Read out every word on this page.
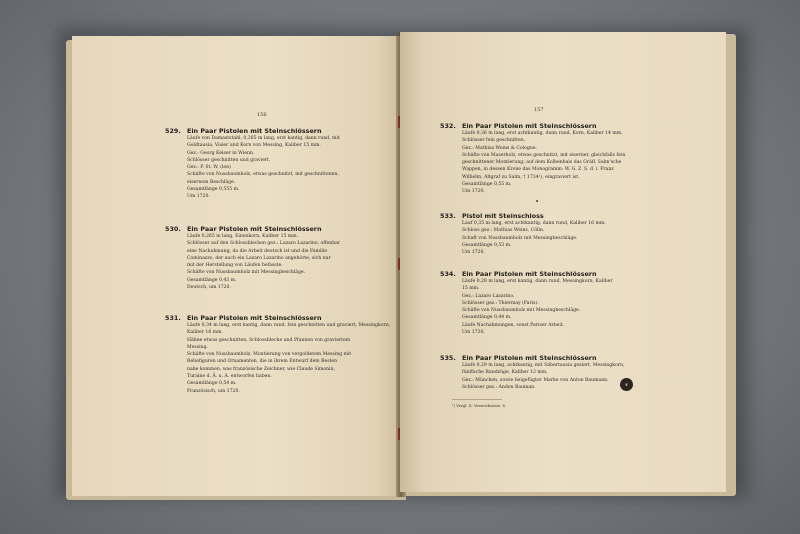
156
529. Ein Paar Pistolen mit Steinschlössern
Läufe von Damaststahl, 0,365 m lang, erst kantig, dann rund, mit
Goldtausia, Visier und Korn von Messing, Kaliber 15 mm.
Gez.: Georg Keiser in Wienn.
Schlösser geschnitten und graviert.
Gez.: P. St. W. (len)
Schäfte von Nussbaumholz, etwas geschnitzt, mit geschnittenen,
eisernem Beschläge.
Gesamtlänge 0,555 m.
Um 1720.
530. Ein Paar Pistolen mit Steinschlössern
Läufe 0,265 m lang, Einenkorn, Kaliber 15 mm.
Schlösser auf den Schlossblechen gez.: Lazaro Lazarino, offenbar
eine Nachahmung, da die Arbeit deutsch ist und die Familie
Cominazzo, der auch ein Lazaro Lazarino angehörte, sich nur
mit der Herstellung von Läufen befasste.
Schäfte von Nussbaumholz mit Messingbeschläge.
Gesamtlänge 0,43 m.
Deutsch, um 1720.
531. Ein Paar Pistolen mit Steinschlössern
Läufe 0,34 m lang, erst kantig, dann rund, fein geschnitten und graviert, Messingkorn,
Kaliber 16 mm.
Hähne etwas geschnitten, Schlossbleche und Pfannen von graviertem
Messing.
Schäfte von Nussbaumholz, Montierung von vergoldetem Messing mit
Reliefiguren und Ornamenten, die in ihrem Entwurf dem Besten
nahe kommen, was französische Zeichner, wie Claude Simonin,
Turaine d. Ä. u. A. entworfen haben.
Gesamtlänge 0,54 m.
Französisch, um 1720.
157
532. Ein Paar Pistolen mit Steinschlössern
Läufe 0,36 m lang, erst achtkantig, dann rund, Korn, Kaliber 14 mm.
Schlösser fein geschnitten.
Gez.: Mathias Weins & Cologne.
Schäfte von Maserholz, etwas geschnitzt, mit eiserner, gleichfalls fein
geschnittener Montierung; auf dem Kolbenhals das Gräfl. Salm'sche
Wappen, in dessen Krone das Monogramm: W. G. Z. S. d. i. Franz
Wilhelm, Altgraf zu Salm, † 1734¹), eingraviert ist.
Gesamtlänge 0,55 m.
Um 1720.
533. Pistol mit Steinschloss
Lauf 0,35 m lang, erst achtkantig, dann rund, Kaliber 16 mm.
Schloss gez.: Mathias Weins, Cölln.
Schaft von Nussbaumholz mit Messingbeschläge.
Gesamtlänge 0,53 m.
Um 1720.
534. Ein Paar Pistolen mit Steinschlössern
Läufe 0,28 m lang, erst kantig, dann rund, Messingkorn, Kaliber
15 mm.
Gez.: Lazaro Lazarino.
Schlösser gez.: Thiermay (Paris).
Schäfte von Nussbaumholz mit Messingbeschläge.
Gesamtlänge 0,44 m.
Läufe Nachahmungen, sonst Pariser Arbeit.
Um 1730.
535. Ein Paar Pistolen mit Steinschlössern
Läufe 0,29 m lang, achtkantig, mit Silbertausia geziert, Messingkorn,
fünffache Rundzüge, Kaliber 12 mm.
Gez.: München, sowie beigefügter Marke von Anton Baumann.
Schlösser gez.: Andon Bauman.
❦
¹) Vergl. X. Verzeichnisse, S.
